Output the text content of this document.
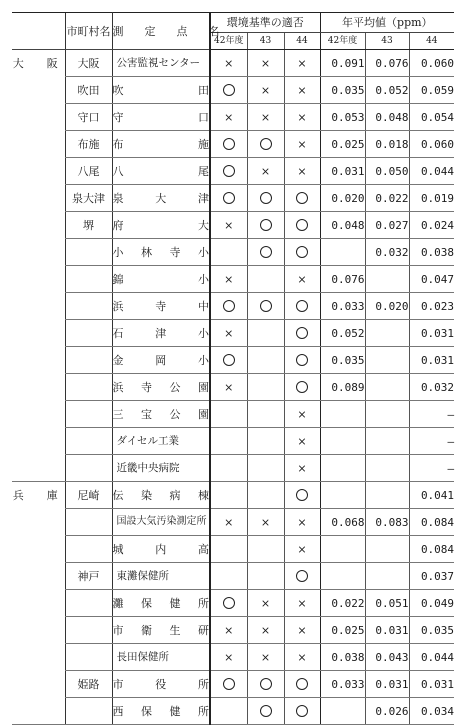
	市町村名	測　定　点　名	環境基準の適否			年平均値（ppm）		
			42年度	43	44	42年度	43	44
大　阪	大阪	公害監視センター	×	×	×	0.091	0.076	0.060
	吹田	吹　　　田		×	×	0.035	0.052	0.059
	守口	守　　　口	×	×	×	0.053	0.048	0.054
	布施	布　　　施			×	0.025	0.018	0.060
	八尾	八　　　尾		×	×	0.031	0.050	0.044
	泉大津	泉　大　津				0.020	0.022	0.019
	堺	府　　　大	×			0.048	0.027	0.024
		小　林　寺　小					0.032	0.038
		錦　　　小	×		×	0.076		0.047
		浜　寺　中				0.033	0.020	0.023
		石　津　小	×			0.052		0.031
		金　岡　小				0.035		0.031
		浜　寺　公　園	×			0.089		0.032
		三　宝　公　園			×			—
		ダイセル工業			×			—
		近畿中央病院			×			—
兵　庫	尼崎	伝　染　病　棟						0.041
		国設大気汚染測定所	×	×	×	0.068	0.083	0.084
		城　内　高			×			0.084
	神戸	東灘保健所						0.037
		灘　保　健　所		×	×	0.022	0.051	0.049
		市　衛　生　研	×	×	×	0.025	0.031	0.035
		長田保健所	×	×	×	0.038	0.043	0.044
	姫路	市　　役　　所				0.033	0.031	0.031
		西　保　健　所					0.026	0.034
